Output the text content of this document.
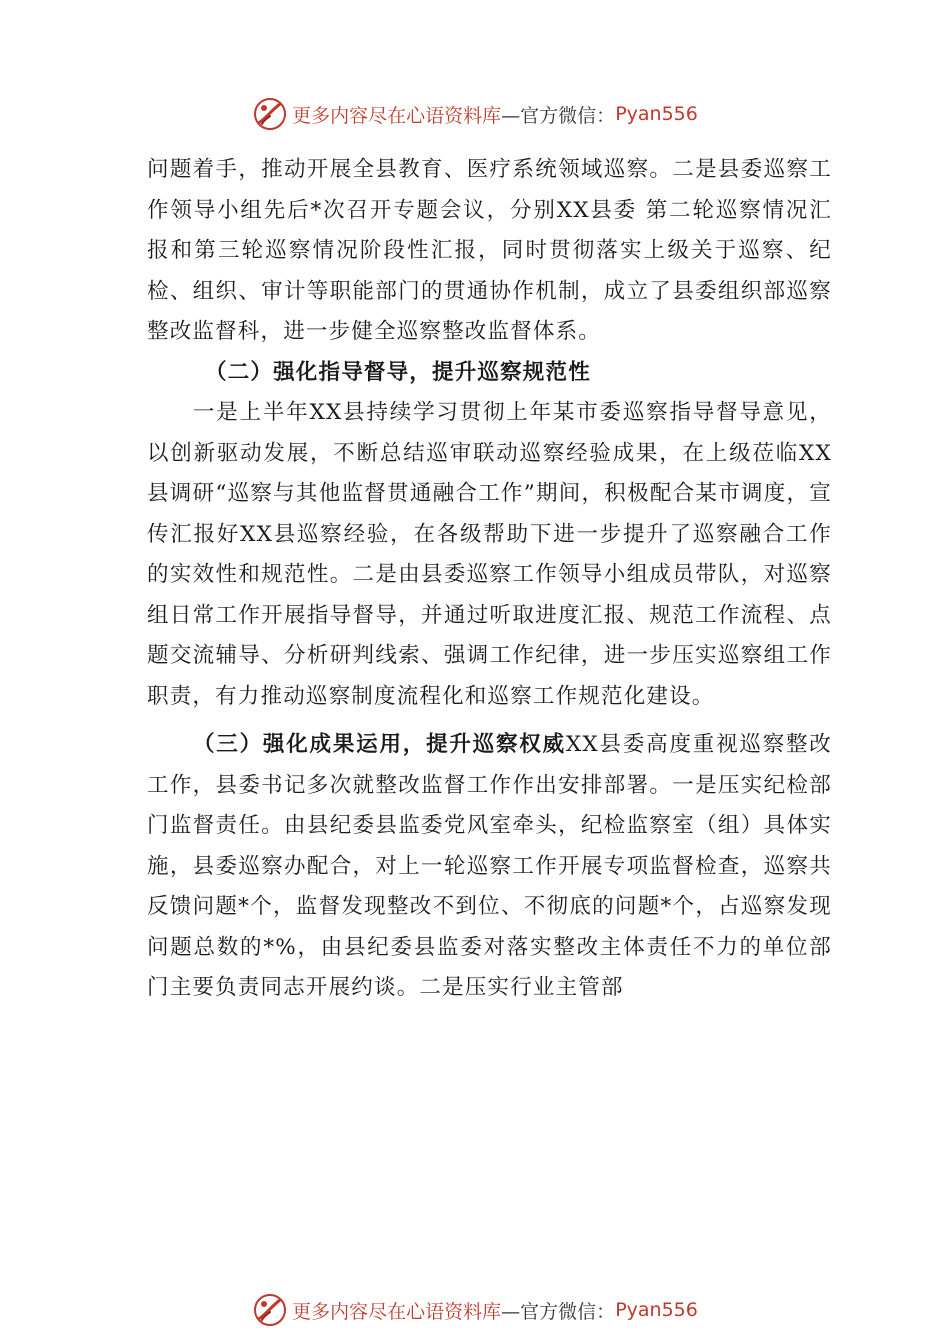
更多内容尽在心语资料库 —官方微信： Pyan556

问题着手，推动开展全县教育、医疗系统领域巡察。二是县委巡察工作领导小组先后*次召开专题会议，分别XX县委 第二轮巡察情况汇报和第三轮巡察情况阶段性汇报，同时贯彻落实上级关于巡察、纪检、组织、审计等职能部门的贯通协作机制，成立了县委组织部巡察整改监督科，进一步健全巡察整改监督体系。

（二）强化指导督导，提升巡察规范性

一是上半年XX县持续学习贯彻上年某市委巡察指导督导意见，以创新驱动发展，不断总结巡审联动巡察经验成果，在上级莅临XX县调研“巡察与其他监督贯通融合工作”期间，积极配合某市调度，宣传汇报好XX县巡察经验，在各级帮助下进一步提升了巡察融合工作的实效性和规范性。二是由县委巡察工作领导小组成员带队，对巡察组日常工作开展指导督导，并通过听取进度汇报、规范工作流程、点题交流辅导、分析研判线索、强调工作纪律，进一步压实巡察组工作职责，有力推动巡察制度流程化和巡察工作规范化建设。

（三）强化成果运用，提升巡察权威XX县委高度重视巡察整改工作，县委书记多次就整改监督工作作出安排部署。一是压实纪检部门监督责任。由县纪委县监委党风室牵头，纪检监察室（组）具体实施，县委巡察办配合，对上一轮巡察工作开展专项监督检查，巡察共反馈问题*个，监督发现整改不到位、不彻底的问题*个，占巡察发现问题总数的*%，由县纪委县监委对落实整改主体责任不力的单位部门主要负责同志开展约谈。二是压实行业主管部

更多内容尽在心语资料库 —官方微信： Pyan556
